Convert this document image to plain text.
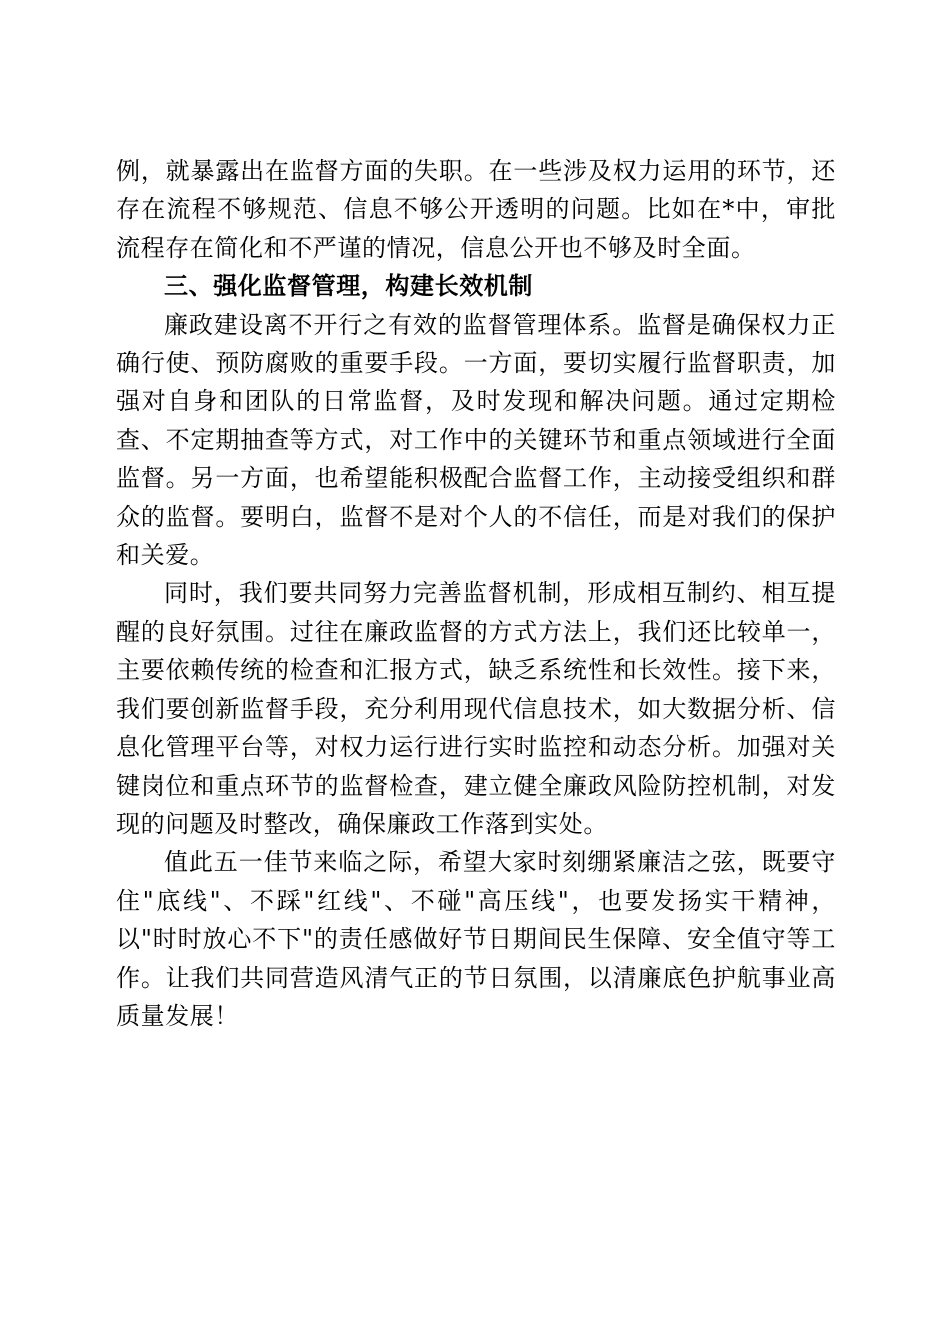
例，就暴露出在监督方面的失职。在一些涉及权力运用的环节，还存在流程不够规范、信息不够公开透明的问题。比如在*中，审批流程存在简化和不严谨的情况，信息公开也不够及时全面。

三、强化监督管理，构建长效机制

廉政建设离不开行之有效的监督管理体系。监督是确保权力正确行使、预防腐败的重要手段。一方面，要切实履行监督职责，加强对自身和团队的日常监督，及时发现和解决问题。通过定期检查、不定期抽查等方式，对工作中的关键环节和重点领域进行全面监督。另一方面，也希望能积极配合监督工作，主动接受组织和群众的监督。要明白，监督不是对个人的不信任，而是对我们的保护和关爱。

同时，我们要共同努力完善监督机制，形成相互制约、相互提醒的良好氛围。过往在廉政监督的方式方法上，我们还比较单一，主要依赖传统的检查和汇报方式，缺乏系统性和长效性。接下来，我们要创新监督手段，充分利用现代信息技术，如大数据分析、信息化管理平台等，对权力运行进行实时监控和动态分析。加强对关键岗位和重点环节的监督检查，建立健全廉政风险防控机制，对发现的问题及时整改，确保廉政工作落到实处。

值此五一佳节来临之际，希望大家时刻绷紧廉洁之弦，既要守住"底线"、不踩"红线"、不碰"高压线"，也要发扬实干精神，以"时时放心不下"的责任感做好节日期间民生保障、安全值守等工作。让我们共同营造风清气正的节日氛围，以清廉底色护航事业高质量发展！
